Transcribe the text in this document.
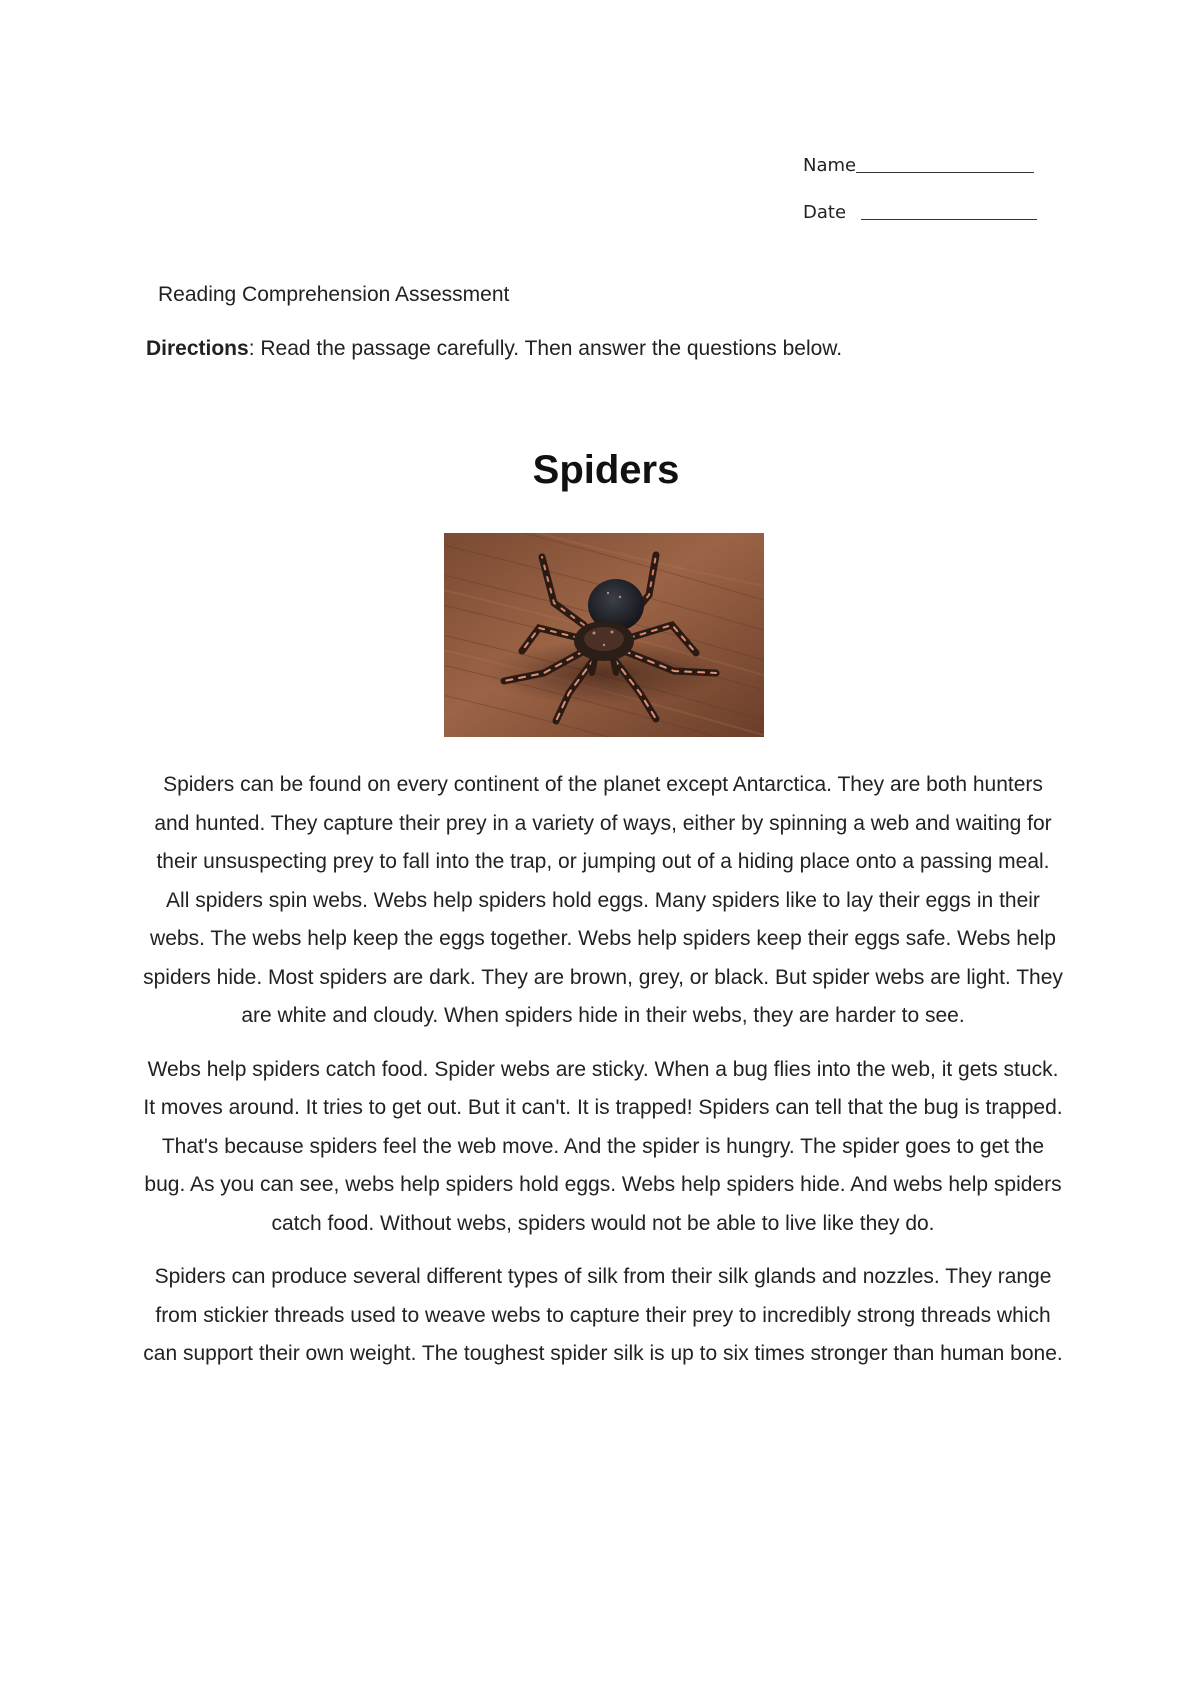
Name
Date
Reading Comprehension Assessment
Directions: Read the passage carefully. Then answer the questions below.
Spiders

Spiders can be found on every continent of the planet except Antarctica. They are both hunters and hunted. They capture their prey in a variety of ways, either by spinning a web and waiting for their unsuspecting prey to fall into the trap, or jumping out of a hiding place onto a passing meal. All spiders spin webs. Webs help spiders hold eggs. Many spiders like to lay their eggs in their webs. The webs help keep the eggs together. Webs help spiders keep their eggs safe. Webs help spiders hide. Most spiders are dark. They are brown, grey, or black. But spider webs are light. They are white and cloudy. When spiders hide in their webs, they are harder to see.

Webs help spiders catch food. Spider webs are sticky. When a bug flies into the web, it gets stuck. It moves around. It tries to get out. But it can't. It is trapped! Spiders can tell that the bug is trapped. That's because spiders feel the web move. And the spider is hungry. The spider goes to get the bug. As you can see, webs help spiders hold eggs. Webs help spiders hide. And webs help spiders catch food. Without webs, spiders would not be able to live like they do.

Spiders can produce several different types of silk from their silk glands and nozzles. They range from stickier threads used to weave webs to capture their prey to incredibly strong threads which can support their own weight. The toughest spider silk is up to six times stronger than human bone.
